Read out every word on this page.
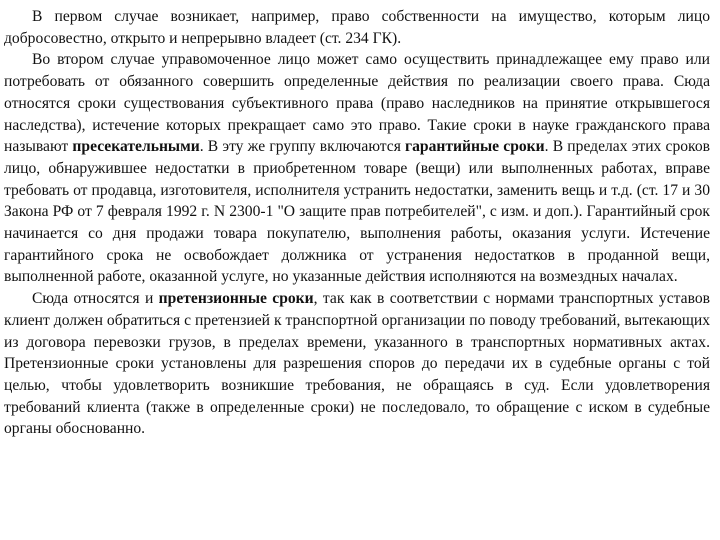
В первом случае возникает, например, право собственности на имущество, которым лицо добросовестно, открыто и непрерывно владеет (ст. 234 ГК).

Во втором случае управомоченное лицо может само осуществить принадлежащее ему право или потребовать от обязанного совершить определенные действия по реализации своего права. Сюда относятся сроки существования субъективного права (право наследников на принятие открывшегося наследства), истечение которых прекращает само это право. Такие сроки в науке гражданского права называют пресекательными. В эту же группу включаются гарантийные сроки. В пределах этих сроков лицо, обнаружившее недостатки в приобретенном товаре (вещи) или выполненных работах, вправе требовать от продавца, изготовителя, исполнителя устранить недостатки, заменить вещь и т.д. (ст. 17 и 30 Закона РФ от 7 февраля 1992 г. N 2300-1 "О защите прав потребителей", с изм. и доп.). Гарантийный срок начинается со дня продажи товара покупателю, выполнения работы, оказания услуги. Истечение гарантийного срока не освобождает должника от устранения недостатков в проданной вещи, выполненной работе, оказанной услуге, но указанные действия исполняются на возмездных началах.

Сюда относятся и претензионные сроки, так как в соответствии с нормами транспортных уставов клиент должен обратиться с претензией к транспортной организации по поводу требований, вытекающих из договора перевозки грузов, в пределах времени, указанного в транспортных нормативных актах. Претензионные сроки установлены для разрешения споров до передачи их в судебные органы с той целью, чтобы удовлетворить возникшие требования, не обращаясь в суд. Если удовлетворения требований клиента (также в определенные сроки) не последовало, то обращение с иском в судебные органы обоснованно.
